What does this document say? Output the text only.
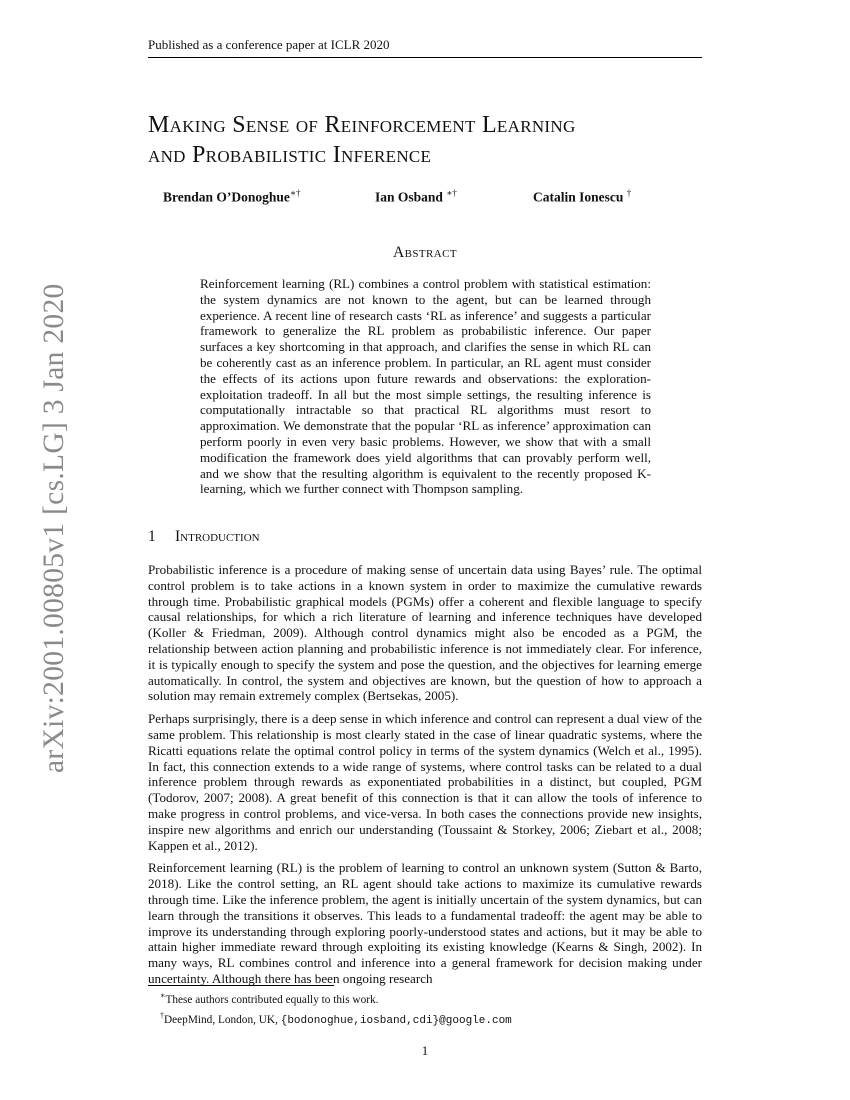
Published as a conference paper at ICLR 2020
arXiv:2001.00805v1 [cs.LG] 3 Jan 2020
Making Sense of Reinforcement Learning
and Probabilistic Inference
Brendan O’Donoghue∗†	Ian Osband ∗†	Catalin Ionescu †
Abstract
Reinforcement learning (RL) combines a control problem with statistical estimation: the system dynamics are not known to the agent, but can be learned through experience. A recent line of research casts ‘RL as inference’ and suggests a particular framework to generalize the RL problem as probabilistic inference. Our paper surfaces a key shortcoming in that approach, and clarifies the sense in which RL can be coherently cast as an inference problem. In particular, an RL agent must consider the effects of its actions upon future rewards and observations: the exploration-exploitation tradeoff. In all but the most simple settings, the resulting inference is computationally intractable so that practical RL algorithms must resort to approximation. We demonstrate that the popular ‘RL as inference’ approximation can perform poorly in even very basic problems. However, we show that with a small modification the framework does yield algorithms that can provably perform well, and we show that the resulting algorithm is equivalent to the recently proposed K-learning, which we further connect with Thompson sampling.
1 Introduction

Probabilistic inference is a procedure of making sense of uncertain data using Bayes’ rule. The optimal control problem is to take actions in a known system in order to maximize the cumulative rewards through time. Probabilistic graphical models (PGMs) offer a coherent and flexible language to specify causal relationships, for which a rich literature of learning and inference techniques have developed (Koller & Friedman, 2009). Although control dynamics might also be encoded as a PGM, the relationship between action planning and probabilistic inference is not immediately clear. For inference, it is typically enough to specify the system and pose the question, and the objectives for learning emerge automatically. In control, the system and objectives are known, but the question of how to approach a solution may remain extremely complex (Bertsekas, 2005).

Perhaps surprisingly, there is a deep sense in which inference and control can represent a dual view of the same problem. This relationship is most clearly stated in the case of linear quadratic systems, where the Ricatti equations relate the optimal control policy in terms of the system dynamics (Welch et al., 1995). In fact, this connection extends to a wide range of systems, where control tasks can be related to a dual inference problem through rewards as exponentiated probabilities in a distinct, but coupled, PGM (Todorov, 2007; 2008). A great benefit of this connection is that it can allow the tools of inference to make progress in control problems, and vice-versa. In both cases the connections provide new insights, inspire new algorithms and enrich our understanding (Toussaint & Storkey, 2006; Ziebart et al., 2008; Kappen et al., 2012).

Reinforcement learning (RL) is the problem of learning to control an unknown system (Sutton & Barto, 2018). Like the control setting, an RL agent should take actions to maximize its cumulative rewards through time. Like the inference problem, the agent is initially uncertain of the system dynamics, but can learn through the transitions it observes. This leads to a fundamental tradeoff: the agent may be able to improve its understanding through exploring poorly-understood states and actions, but it may be able to attain higher immediate reward through exploiting its existing knowledge (Kearns & Singh, 2002). In many ways, RL combines control and inference into a general framework for decision making under uncertainty. Although there has been ongoing research

∗These authors contributed equally to this work.
†DeepMind, London, UK, {bodonoghue,iosband,cdi}@google.com
1
